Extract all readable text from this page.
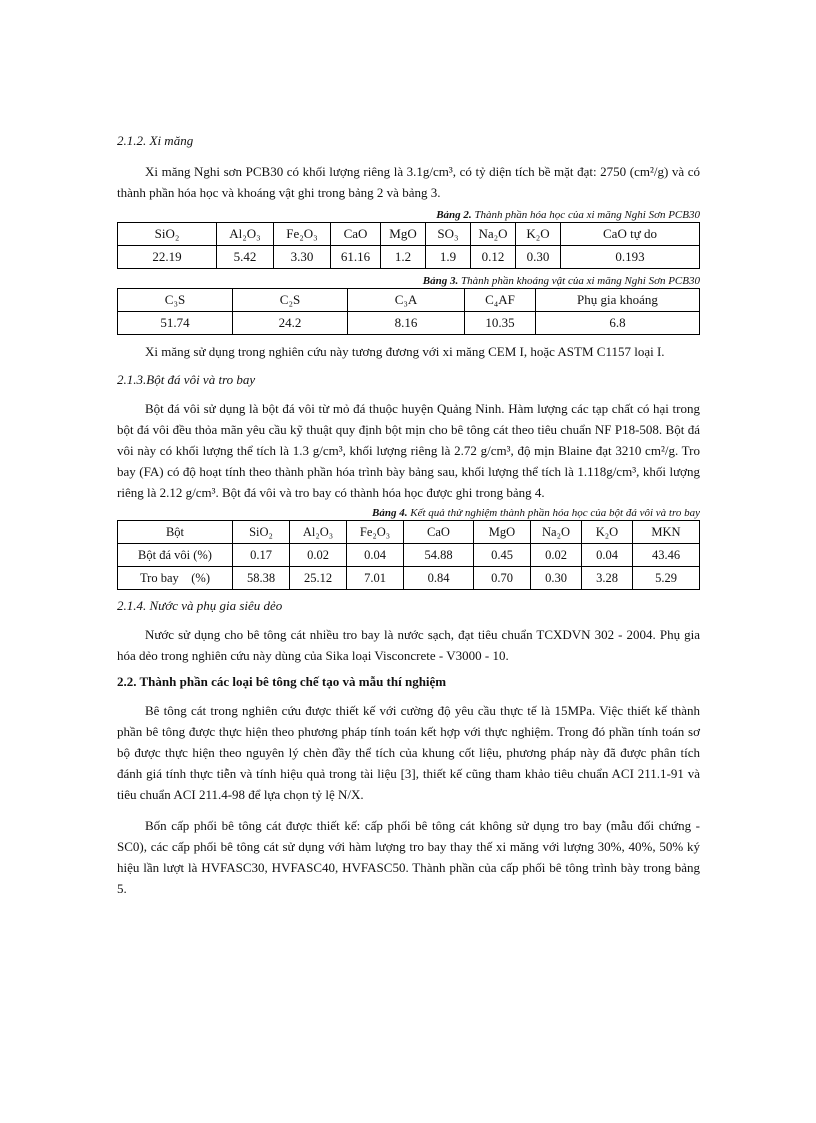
2.1.2. Xi măng

Xi măng Nghi sơn PCB30 có khối lượng riêng là 3.1g/cm³, có tỷ diện tích bề mặt đạt: 2750 (cm²/g) và có thành phần hóa học và khoáng vật ghi trong bảng 2 và bảng 3.

Bảng 2. Thành phần hóa học của xi măng Nghi Sơn PCB30

SiO₂	Al₂O₃	Fe₂O₃	CaO	MgO	SO₃	Na₂O	K₂O	CaO tự do
22.19	5.42	3.30	61.16	1.2	1.9	0.12	0.30	0.193

Bảng 3. Thành phần khoáng vật của xi măng Nghi Sơn PCB30

C₃S	C₂S	C₃A	C₄AF	Phụ gia khoáng
51.74	24.2	8.16	10.35	6.8

Xi măng sử dụng trong nghiên cứu này tương đương với xi măng CEM I, hoặc ASTM C1157 loại I.

2.1.3.Bột đá vôi và tro bay

Bột đá vôi sử dụng là bột đá vôi từ mỏ đá thuộc huyện Quảng Ninh. Hàm lượng các tạp chất có hại trong bột đá vôi đều thỏa mãn yêu cầu kỹ thuật quy định bột mịn cho bê tông cát theo tiêu chuẩn NF P18-508. Bột đá vôi này có khối lượng thể tích là 1.3 g/cm³, khối lượng riêng là 2.72 g/cm³, độ mịn Blaine đạt 3210 cm²/g. Tro bay (FA) có độ hoạt tính theo thành phần hóa trình bày bảng sau, khối lượng thể tích là 1.118g/cm³, khối lượng riêng là 2.12 g/cm³. Bột đá vôi và tro bay có thành hóa học được ghi trong bảng 4.

Bảng 4. Kết quả thử nghiệm thành phần hóa học của bột đá vôi và tro bay

Bột	SiO₂	Al₂O₃	Fe₂O₃	CaO	MgO	Na₂O	K₂O	MKN
Bột đá vôi (%)	0.17	0.02	0.04	54.88	0.45	0.02	0.04	43.46
Tro bay    (%)	58.38	25.12	7.01	0.84	0.70	0.30	3.28	5.29

2.1.4. Nước và phụ gia siêu dẻo

Nước sử dụng cho bê tông cát nhiều tro bay là nước sạch, đạt tiêu chuẩn TCXDVN 302 - 2004. Phụ gia hóa dẻo trong nghiên cứu này dùng của Sika loại Visconcrete - V3000 - 10.

2.2. Thành phần các loại bê tông chế tạo và mẫu thí nghiệm

Bê tông cát trong nghiên cứu được thiết kế với cường độ yêu cầu thực tế là 15MPa. Việc thiết kế thành phần bê tông được thực hiện theo phương pháp tính toán kết hợp với thực nghiệm. Trong đó phần tính toán sơ bộ được thực hiện theo nguyên lý chèn đầy thể tích của khung cốt liệu, phương pháp này đã được phân tích đánh giá tính thực tiễn và tính hiệu quả trong tài liệu [3], thiết kế cũng tham khảo tiêu chuẩn ACI 211.1-91 và tiêu chuẩn ACI 211.4-98 để lựa chọn tỷ lệ N/X.

Bốn cấp phối bê tông cát được thiết kế: cấp phối bê tông cát không sử dụng tro bay (mẫu đối chứng - SC0), các cấp phối bê tông cát sử dụng với hàm lượng tro bay thay thế xi măng với lượng 30%, 40%, 50% ký hiệu lần lượt là HVFASC30, HVFASC40, HVFASC50. Thành phần của cấp phối bê tông trình bày trong bảng 5.
